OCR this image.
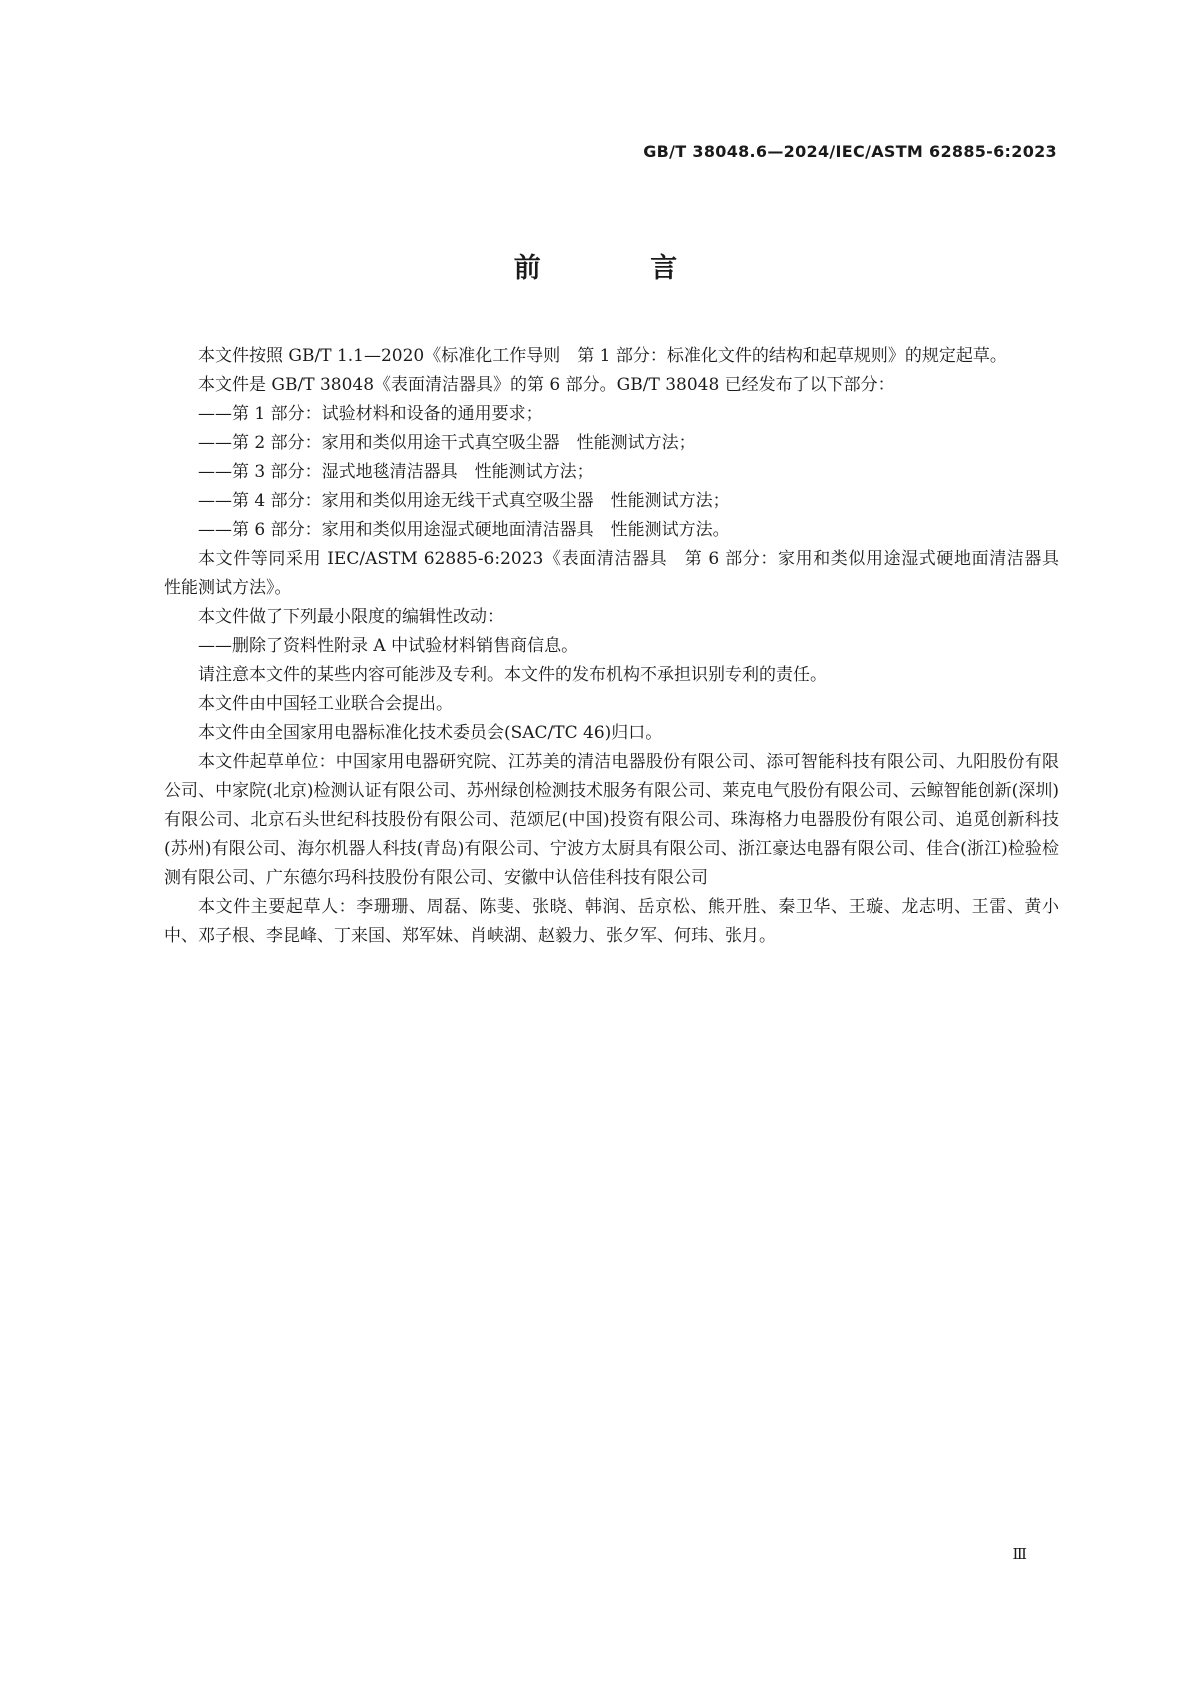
GB/T 38048.6—2024/IEC/ASTM 62885-6:2023
前 言

本文件按照 GB/T 1.1—2020《标准化工作导则　第 1 部分：标准化文件的结构和起草规则》的规定起草。

本文件是 GB/T 38048《表面清洁器具》的第 6 部分。GB/T 38048 已经发布了以下部分：

——第 1 部分：试验材料和设备的通用要求；

——第 2 部分：家用和类似用途干式真空吸尘器　性能测试方法；

——第 3 部分：湿式地毯清洁器具　性能测试方法；

——第 4 部分：家用和类似用途无线干式真空吸尘器　性能测试方法；

——第 6 部分：家用和类似用途湿式硬地面清洁器具　性能测试方法。

本文件等同采用 IEC/ASTM 62885-6:2023《表面清洁器具　第 6 部分：家用和类似用途湿式硬地面清洁器具　性能测试方法》。

本文件做了下列最小限度的编辑性改动：

——删除了资料性附录 A 中试验材料销售商信息。

请注意本文件的某些内容可能涉及专利。本文件的发布机构不承担识别专利的责任。

本文件由中国轻工业联合会提出。

本文件由全国家用电器标准化技术委员会(SAC/TC 46)归口。

本文件起草单位：中国家用电器研究院、江苏美的清洁电器股份有限公司、添可智能科技有限公司、九阳股份有限公司、中家院(北京)检测认证有限公司、苏州绿创检测技术服务有限公司、莱克电气股份有限公司、云鲸智能创新(深圳)有限公司、北京石头世纪科技股份有限公司、范颂尼(中国)投资有限公司、珠海格力电器股份有限公司、追觅创新科技(苏州)有限公司、海尔机器人科技(青岛)有限公司、宁波方太厨具有限公司、浙江豪达电器有限公司、佳合(浙江)检验检测有限公司、广东德尔玛科技股份有限公司、安徽中认倍佳科技有限公司

本文件主要起草人：李珊珊、周磊、陈斐、张晓、韩润、岳京松、熊开胜、秦卫华、王璇、龙志明、王雷、黄小中、邓子根、李昆峰、丁来国、郑军妹、肖峡湖、赵毅力、张夕军、何玮、张月。

Ⅲ
